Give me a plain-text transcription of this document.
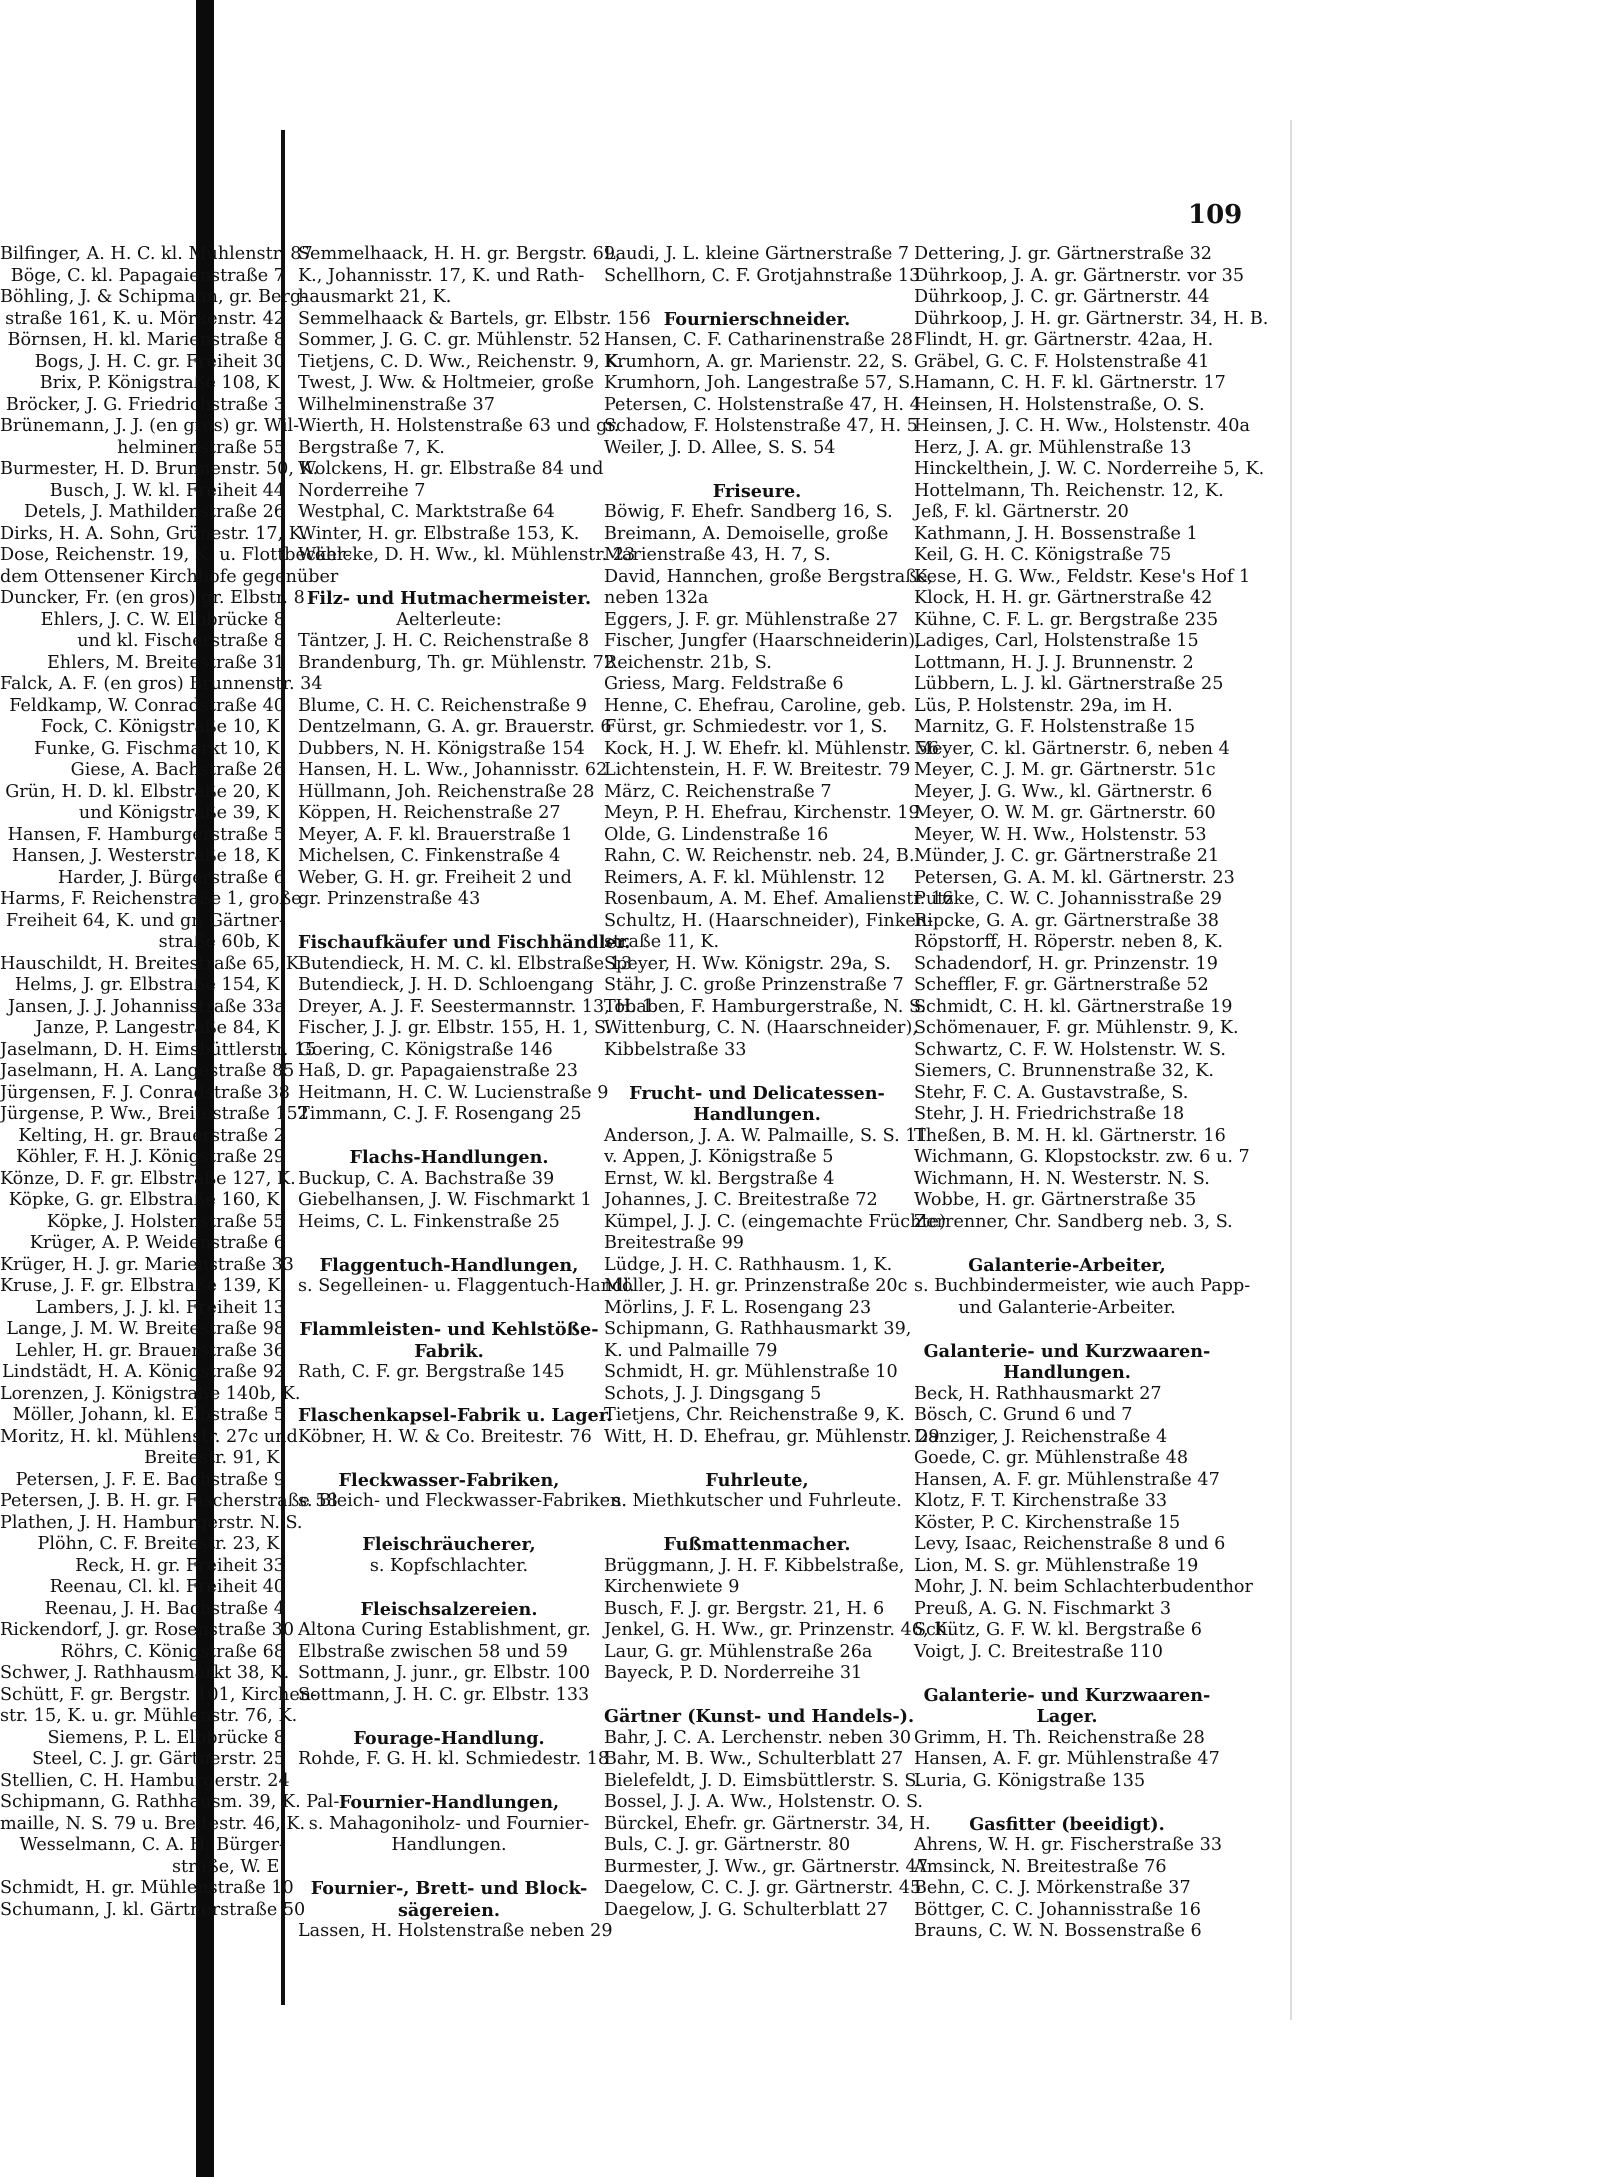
109
Bilfinger, A. H. C. kl. Mühlenstr. 87
Böge, C. kl. Papagaienstraße 7
Böhling, J. & Schipmann, gr. Berg-
straße 161, K. u. Mörkenstr. 42
Börnsen, H. kl. Marienstraße 8
Bogs, J. H. C. gr. Freiheit 30
Brix, P. Königstraße 108, K.
Bröcker, J. G. Friedrichstraße 3
Brünemann, J. J. (en gros) gr. Wil-
helminenstraße 55
Burmester, H. D. Brunnenstr. 50, K.
Busch, J. W. kl. Freiheit 44
Detels, J. Mathildenstraße 26
Dirks, H. A. Sohn, Grünestr. 17, K.
Dose, Reichenstr. 19, K. u. Flottbecker-
dem Ottensener Kirchhofe gegenüber
Duncker, Fr. (en gros) gr. Elbstr. 8
Ehlers, J. C. W. Elbbrücke 8
und kl. Fischerstraße 8
Ehlers, M. Breitestraße 31
Falck, A. F. (en gros) Brunnenstr. 34
Feldkamp, W. Conradstraße 40
Fock, C. Königstraße 10, K.
Funke, G. Fischmarkt 10, K.
Giese, A. Bachstraße 26
Grün, H. D. kl. Elbstraße 20, K.
und Königstraße 39, K.
Hansen, F. Hamburgerstraße 5
Hansen, J. Westerstraße 18, K.
Harder, J. Bürgerstraße 6
Harms, F. Reichenstraße 1, große
Freiheit 64, K. und gr. Gärtner-
straße 60b, K.
Hauschildt, H. Breitestraße 65, K.
Helms, J. gr. Elbstraße 154, K.
Jansen, J. J. Johannisstraße 33a
Janze, P. Langestraße 84, K.
Jaselmann, D. H. Eimsbüttlerstr. 15
Jaselmann, H. A. Langestraße 85
Jürgensen, F. J. Conradstraße 38
Jürgense, P. Ww., Breitestraße 152
Kelting, H. gr. Brauerstraße 2
Köhler, F. H. J. Königstraße 29
Könze, D. F. gr. Elbstraße 127, K.
Köpke, G. gr. Elbstraße 160, K.
Köpke, J. Holstenstraße 55
Krüger, A. P. Weidenstraße 6
Krüger, H. J. gr. Marienstraße 33
Kruse, J. F. gr. Elbstraße 139, K.
Lambers, J. J. kl. Freiheit 13
Lange, J. M. W. Breitestraße 98
Lehler, H. gr. Brauerstraße 36
Lindstädt, H. A. Königstraße 92
Lorenzen, J. Königstraße 140b, K.
Möller, Johann, kl. Elbstraße 5
Moritz, H. kl. Mühlenstr. 27c und
Breitestr. 91, K.
Petersen, J. F. E. Bachstraße 9
Petersen, J. B. H. gr. Fischerstraße 58
Plathen, J. H. Hamburgerstr. N. S.
Plöhn, C. F. Breitestr. 23, K.
Reck, H. gr. Freiheit 33
Reenau, Cl. kl. Freiheit 40
Reenau, J. H. Bachstraße 4
Rickendorf, J. gr. Rosenstraße 30
Röhrs, C. Königstraße 68
Schwer, J. Rathhausmarkt 38, K.
Schütt, F. gr. Bergstr. 101, Kirchen-
str. 15, K. u. gr. Mühlenstr. 76, K.
Siemens, P. L. Elbbrücke 8
Steel, C. J. gr. Gärtnerstr. 25
Stellien, C. H. Hamburgerstr. 24
Schipmann, G. Rathhausm. 39, K. Pal-
maille, N. S. 79 u. Breitestr. 46, K.
Wesselmann, C. A. H. Bürger-
straße, W. E.
Schmidt, H. gr. Mühlenstraße 10
Schumann, J. kl. Gärtnerstraße 50
Semmelhaack, H. H. gr. Bergstr. 69,
K., Johannisstr. 17, K. und Rath-
hausmarkt 21, K.
Semmelhaack & Bartels, gr. Elbstr. 156
Sommer, J. G. C. gr. Mühlenstr. 52
Tietjens, C. D. Ww., Reichenstr. 9, K.
Twest, J. Ww. & Holtmeier, große
Wilhelminenstraße 37
Wierth, H. Holstenstraße 63 und gr.
Bergstraße 7, K.
Wolckens, H. gr. Elbstraße 84 und
Norderreihe 7
Westphal, C. Marktstraße 64
Winter, H. gr. Elbstraße 153, K.
Wöhlcke, D. H. Ww., kl. Mühlenstr. 23
Filz- und Hutmachermeister.
Aelterleute:
Täntzer, J. H. C. Reichenstraße 8
Brandenburg, Th. gr. Mühlenstr. 72
Blume, C. H. C. Reichenstraße 9
Dentzelmann, G. A. gr. Brauerstr. 6
Dubbers, N. H. Königstraße 154
Hansen, H. L. Ww., Johannisstr. 62
Hüllmann, Joh. Reichenstraße 28
Köppen, H. Reichenstraße 27
Meyer, A. F. kl. Brauerstraße 1
Michelsen, C. Finkenstraße 4
Weber, G. H. gr. Freiheit 2 und
gr. Prinzenstraße 43
Fischaufkäufer und Fischhändler.
Butendieck, H. M. C. kl. Elbstraße 13
Butendieck, J. H. D. Schloengang
Dreyer, A. J. F. Seestermannstr. 13, H. 1
Fischer, J. J. gr. Elbstr. 155, H. 1, S.
Goering, C. Königstraße 146
Haß, D. gr. Papagaienstraße 23
Heitmann, H. C. W. Lucienstraße 9
Timmann, C. J. F. Rosengang 25
Flachs-Handlungen.
Buckup, C. A. Bachstraße 39
Giebelhansen, J. W. Fischmarkt 1
Heims, C. L. Finkenstraße 25
Flaggentuch-Handlungen,
s. Segelleinen- u. Flaggentuch-Handl.
Flammleisten- und Kehlstöße-
Fabrik.
Rath, C. F. gr. Bergstraße 145
Flaschenkapsel-Fabrik u. Lager.
Köbner, H. W. & Co. Breitestr. 76
Fleckwasser-Fabriken,
s. Bleich- und Fleckwasser-Fabriken.
Fleischräucherer,
s. Kopfschlachter.
Fleischsalzereien.
Altona Curing Establishment, gr.
Elbstraße zwischen 58 und 59
Sottmann, J. junr., gr. Elbstr. 100
Sottmann, J. H. C. gr. Elbstr. 133
Fourage-Handlung.
Rohde, F. G. H. kl. Schmiedestr. 18
Fournier-Handlungen,
s. Mahagoniholz- und Fournier-
Handlungen.
Fournier-, Brett- und Block-
sägereien.
Lassen, H. Holstenstraße neben 29
Laudi, J. L. kleine Gärtnerstraße 7
Schellhorn, C. F. Grotjahnstraße 13
Fournierschneider.
Hansen, C. F. Catharinenstraße 28
Krumhorn, A. gr. Marienstr. 22, S.
Krumhorn, Joh. Langestraße 57, S.
Petersen, C. Holstenstraße 47, H. 4
Schadow, F. Holstenstraße 47, H. 5
Weiler, J. D. Allee, S. S. 54
Friseure.
Böwig, F. Ehefr. Sandberg 16, S.
Breimann, A. Demoiselle, große
Marienstraße 43, H. 7, S.
David, Hannchen, große Bergstraße,
neben 132a
Eggers, J. F. gr. Mühlenstraße 27
Fischer, Jungfer (Haarschneiderin),
Reichenstr. 21b, S.
Griess, Marg. Feldstraße 6
Henne, C. Ehefrau, Caroline, geb.
Fürst, gr. Schmiedestr. vor 1, S.
Kock, H. J. W. Ehefr. kl. Mühlenstr. 56
Lichtenstein, H. F. W. Breitestr. 79
März, C. Reichenstraße 7
Meyn, P. H. Ehefrau, Kirchenstr. 19
Olde, G. Lindenstraße 16
Rahn, C. W. Reichenstr. neb. 24, B.
Reimers, A. F. kl. Mühlenstr. 12
Rosenbaum, A. M. Ehef. Amalienstr. 16
Schultz, H. (Haarschneider), Finken-
straße 11, K.
Speyer, H. Ww. Königstr. 29a, S.
Stähr, J. C. große Prinzenstraße 7
Tobaben, F. Hamburgerstraße, N. S.
Wittenburg, C. N. (Haarschneider),
Kibbelstraße 33
Frucht- und Delicatessen-
Handlungen.
Anderson, J. A. W. Palmaille, S. S. 11
v. Appen, J. Königstraße 5
Ernst, W. kl. Bergstraße 4
Johannes, J. C. Breitestraße 72
Kümpel, J. J. C. (eingemachte Früchte)
Breitestraße 99
Lüdge, J. H. C. Rathhausm. 1, K.
Möller, J. H. gr. Prinzenstraße 20c
Mörlins, J. F. L. Rosengang 23
Schipmann, G. Rathhausmarkt 39,
K. und Palmaille 79
Schmidt, H. gr. Mühlenstraße 10
Schots, J. J. Dingsgang 5
Tietjens, Chr. Reichenstraße 9, K.
Witt, H. D. Ehefrau, gr. Mühlenstr. 29
Fuhrleute,
s. Miethkutscher und Fuhrleute.
Fußmattenmacher.
Brüggmann, J. H. F. Kibbelstraße,
Kirchenwiete 9
Busch, F. J. gr. Bergstr. 21, H. 6
Jenkel, G. H. Ww., gr. Prinzenstr. 46, K.
Laur, G. gr. Mühlenstraße 26a
Bayeck, P. D. Norderreihe 31
Gärtner (Kunst- und Handels-).
Bahr, J. C. A. Lerchenstr. neben 30
Bahr, M. B. Ww., Schulterblatt 27
Bielefeldt, J. D. Eimsbüttlerstr. S. S.
Bossel, J. J. A. Ww., Holstenstr. O. S.
Bürckel, Ehefr. gr. Gärtnerstr. 34, H.
Buls, C. J. gr. Gärtnerstr. 80
Burmester, J. Ww., gr. Gärtnerstr. 47
Daegelow, C. C. J. gr. Gärtnerstr. 45
Daegelow, J. G. Schulterblatt 27
Dettering, J. gr. Gärtnerstraße 32
Dührkoop, J. A. gr. Gärtnerstr. vor 35
Dührkoop, J. C. gr. Gärtnerstr. 44
Dührkoop, J. H. gr. Gärtnerstr. 34, H. B.
Flindt, H. gr. Gärtnerstr. 42aa, H.
Gräbel, G. C. F. Holstenstraße 41
Hamann, C. H. F. kl. Gärtnerstr. 17
Heinsen, H. Holstenstraße, O. S.
Heinsen, J. C. H. Ww., Holstenstr. 40a
Herz, J. A. gr. Mühlenstraße 13
Hinckelthein, J. W. C. Norderreihe 5, K.
Hottelmann, Th. Reichenstr. 12, K.
Jeß, F. kl. Gärtnerstr. 20
Kathmann, J. H. Bossenstraße 1
Keil, G. H. C. Königstraße 75
Kese, H. G. Ww., Feldstr. Kese's Hof 1
Klock, H. H. gr. Gärtnerstraße 42
Kühne, C. F. L. gr. Bergstraße 235
Ladiges, Carl, Holstenstraße 15
Lottmann, H. J. J. Brunnenstr. 2
Lübbern, L. J. kl. Gärtnerstraße 25
Lüs, P. Holstenstr. 29a, im H.
Marnitz, G. F. Holstenstraße 15
Meyer, C. kl. Gärtnerstr. 6, neben 4
Meyer, C. J. M. gr. Gärtnerstr. 51c
Meyer, J. G. Ww., kl. Gärtnerstr. 6
Meyer, O. W. M. gr. Gärtnerstr. 60
Meyer, W. H. Ww., Holstenstr. 53
Münder, J. C. gr. Gärtnerstraße 21
Petersen, G. A. M. kl. Gärtnerstr. 23
Putzke, C. W. C. Johannisstraße 29
Ripcke, G. A. gr. Gärtnerstraße 38
Röpstorff, H. Röperstr. neben 8, K.
Schadendorf, H. gr. Prinzenstr. 19
Scheffler, F. gr. Gärtnerstraße 52
Schmidt, C. H. kl. Gärtnerstraße 19
Schömenauer, F. gr. Mühlenstr. 9, K.
Schwartz, C. F. W. Holstenstr. W. S.
Siemers, C. Brunnenstraße 32, K.
Stehr, F. C. A. Gustavstraße, S.
Stehr, J. H. Friedrichstraße 18
Theßen, B. M. H. kl. Gärtnerstr. 16
Wichmann, G. Klopstockstr. zw. 6 u. 7
Wichmann, H. N. Westerstr. N. S.
Wobbe, H. gr. Gärtnerstraße 35
Zerrenner, Chr. Sandberg neb. 3, S.
Galanterie-Arbeiter,
s. Buchbindermeister, wie auch Papp-
und Galanterie-Arbeiter.
Galanterie- und Kurzwaaren-
Handlungen.
Beck, H. Rathhausmarkt 27
Bösch, C. Grund 6 und 7
Danziger, J. Reichenstraße 4
Goede, C. gr. Mühlenstraße 48
Hansen, A. F. gr. Mühlenstraße 47
Klotz, F. T. Kirchenstraße 33
Köster, P. C. Kirchenstraße 15
Levy, Isaac, Reichenstraße 8 und 6
Lion, M. S. gr. Mühlenstraße 19
Mohr, J. N. beim Schlachterbudenthor
Preuß, A. G. N. Fischmarkt 3
Schütz, G. F. W. kl. Bergstraße 6
Voigt, J. C. Breitestraße 110
Galanterie- und Kurzwaaren-
Lager.
Grimm, H. Th. Reichenstraße 28
Hansen, A. F. gr. Mühlenstraße 47
Luria, G. Königstraße 135
Gasfitter (beeidigt).
Ahrens, W. H. gr. Fischerstraße 33
Amsinck, N. Breitestraße 76
Behn, C. C. J. Mörkenstraße 37
Böttger, C. C. Johannisstraße 16
Brauns, C. W. N. Bossenstraße 6
